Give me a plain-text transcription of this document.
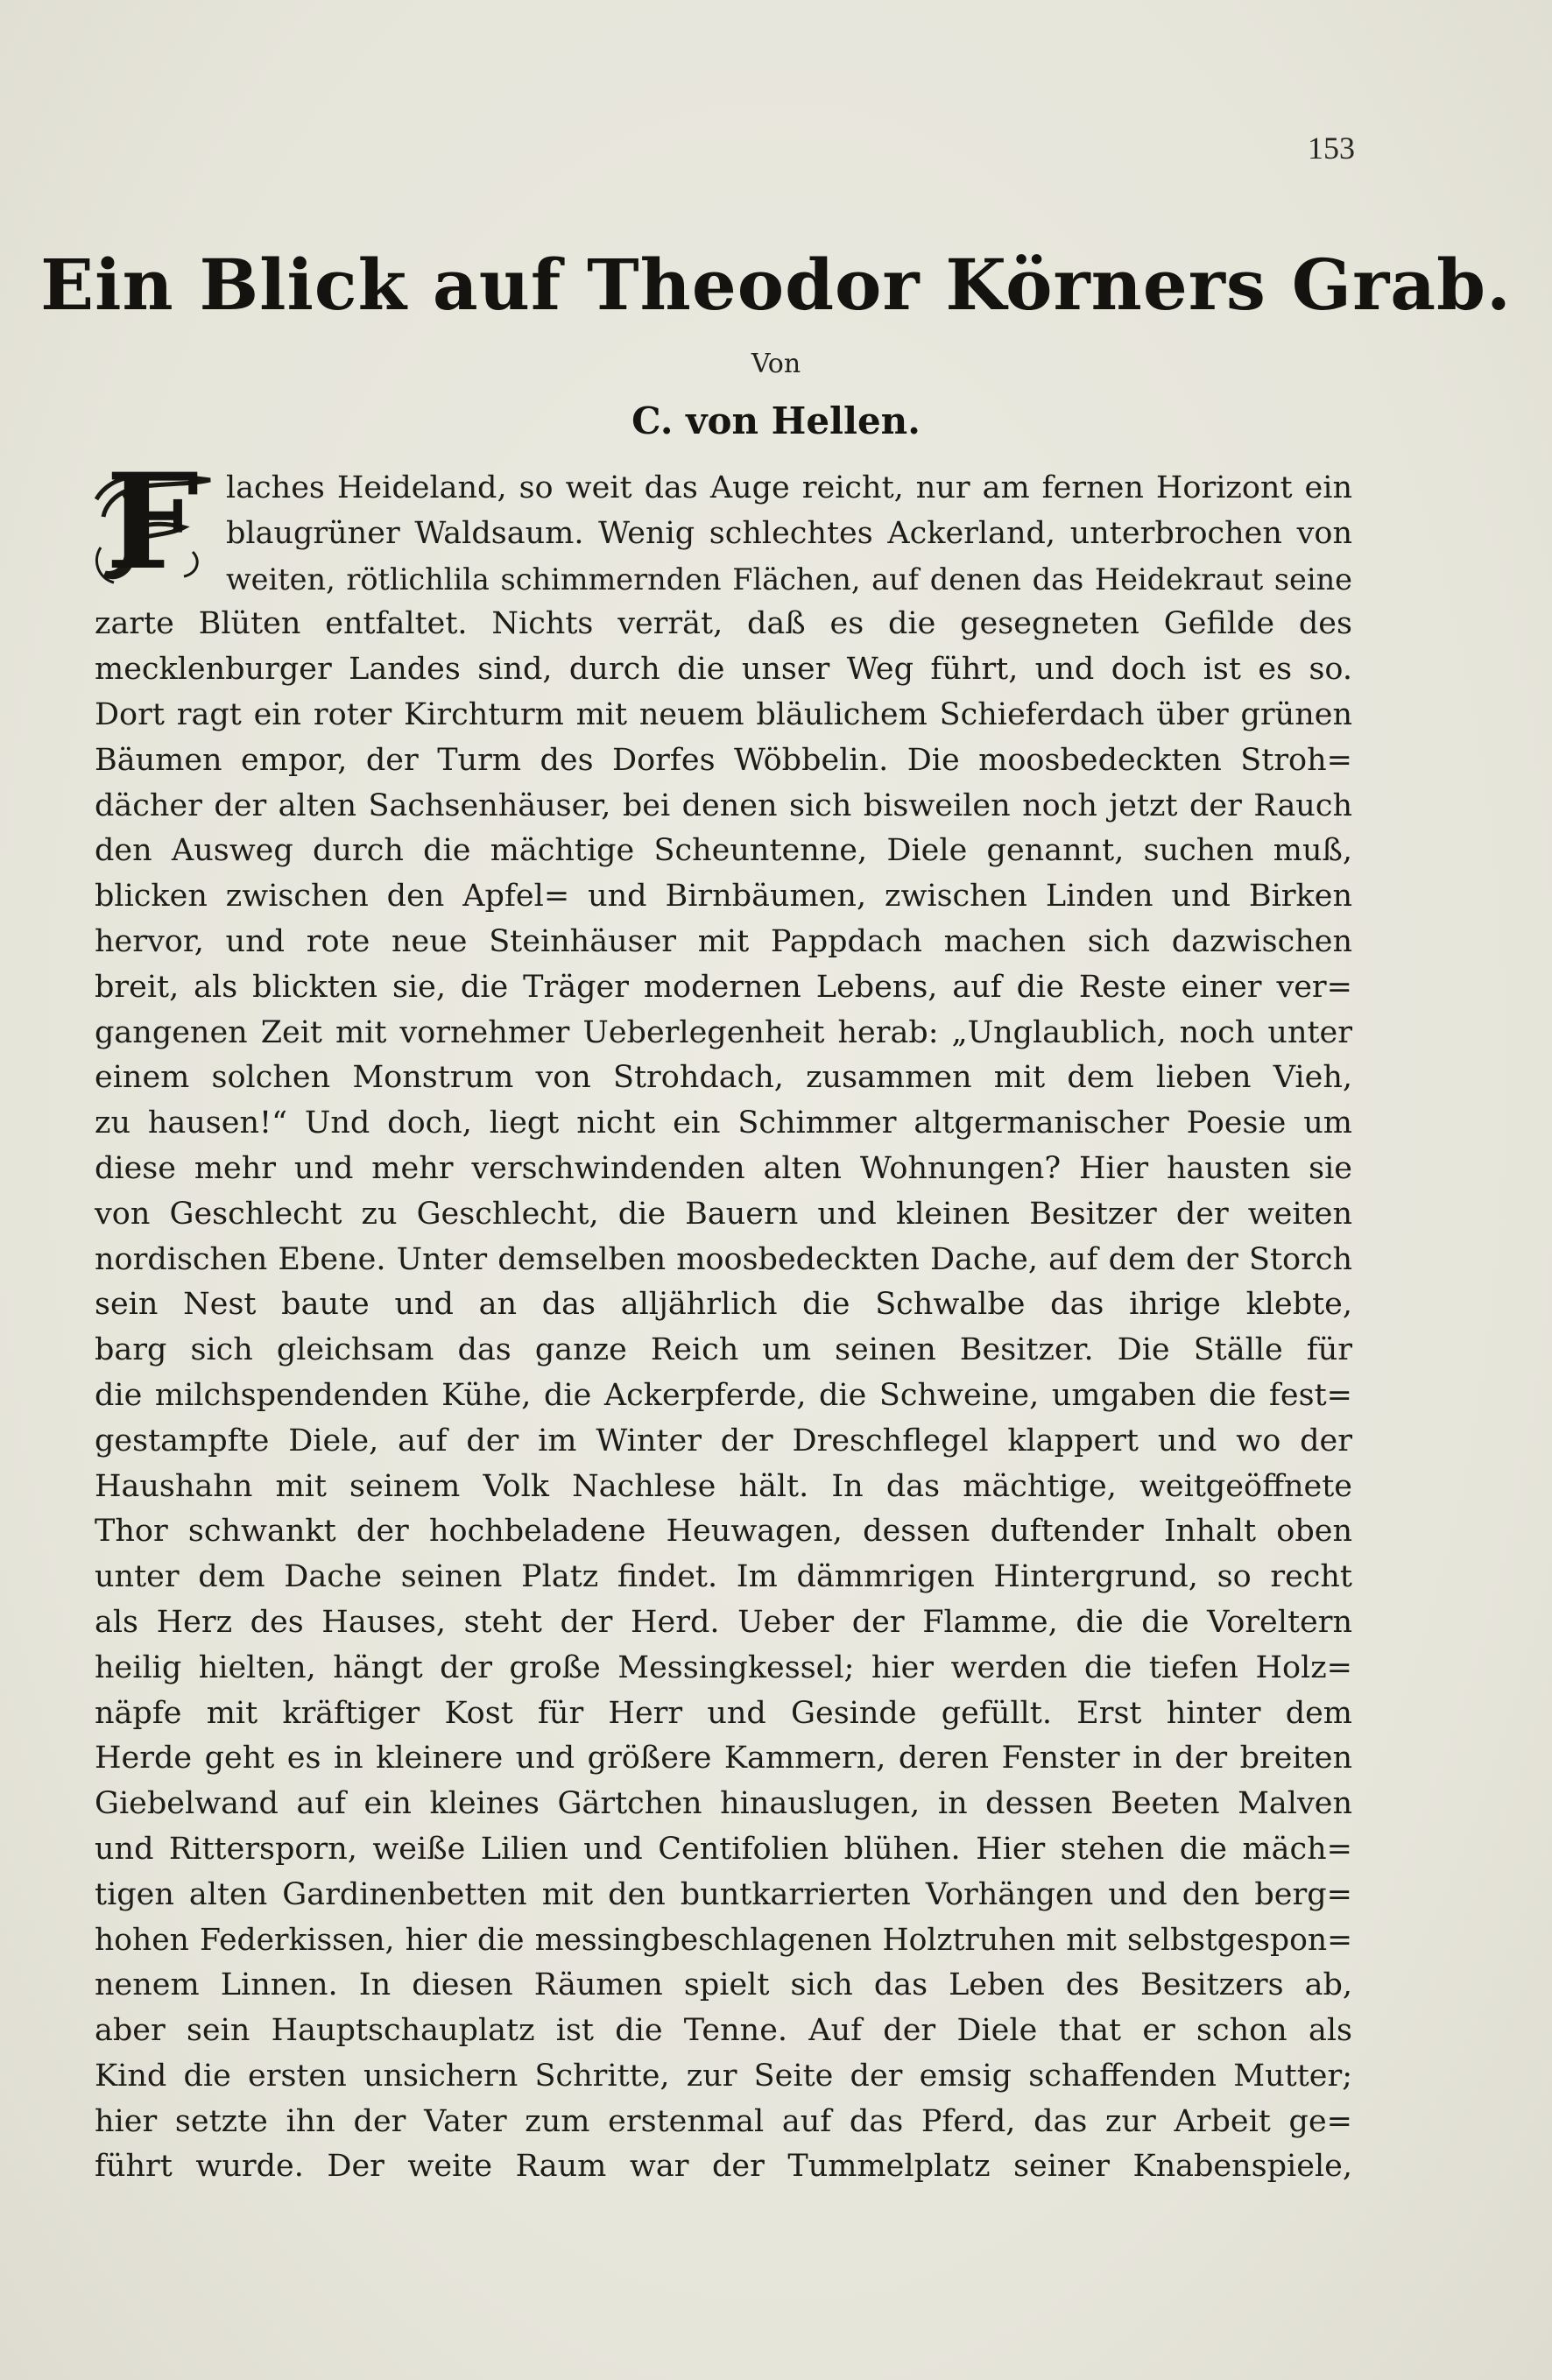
153
Ein Blick auf Theodor Körners Grab.
Von
C. von Hellen.
F laches Heideland, so weit das Auge reicht, nur am fernen Horizont ein
blaugrüner Waldsaum. Wenig schlechtes Ackerland, unterbrochen von
weiten, rötlichlila schimmernden Flächen, auf denen das Heidekraut seine
zarte Blüten entfaltet. Nichts verrät, daß es die gesegneten Gefilde des
mecklenburger Landes sind, durch die unser Weg führt, und doch ist es so.
Dort ragt ein roter Kirchturm mit neuem bläulichem Schieferdach über grünen
Bäumen empor, der Turm des Dorfes Wöbbelin. Die moosbedeckten Stroh=
dächer der alten Sachsenhäuser, bei denen sich bisweilen noch jetzt der Rauch
den Ausweg durch die mächtige Scheuntenne, Diele genannt, suchen muß,
blicken zwischen den Apfel= und Birnbäumen, zwischen Linden und Birken
hervor, und rote neue Steinhäuser mit Pappdach machen sich dazwischen
breit, als blickten sie, die Träger modernen Lebens, auf die Reste einer ver=
gangenen Zeit mit vornehmer Ueberlegenheit herab: „Unglaublich, noch unter
einem solchen Monstrum von Strohdach, zusammen mit dem lieben Vieh,
zu hausen!“ Und doch, liegt nicht ein Schimmer altgermanischer Poesie um
diese mehr und mehr verschwindenden alten Wohnungen? Hier hausten sie
von Geschlecht zu Geschlecht, die Bauern und kleinen Besitzer der weiten
nordischen Ebene. Unter demselben moosbedeckten Dache, auf dem der Storch
sein Nest baute und an das alljährlich die Schwalbe das ihrige klebte,
barg sich gleichsam das ganze Reich um seinen Besitzer. Die Ställe für
die milchspendenden Kühe, die Ackerpferde, die Schweine, umgaben die fest=
gestampfte Diele, auf der im Winter der Dreschflegel klappert und wo der
Haushahn mit seinem Volk Nachlese hält. In das mächtige, weitgeöffnete
Thor schwankt der hochbeladene Heuwagen, dessen duftender Inhalt oben
unter dem Dache seinen Platz findet. Im dämmrigen Hintergrund, so recht
als Herz des Hauses, steht der Herd. Ueber der Flamme, die die Voreltern
heilig hielten, hängt der große Messingkessel; hier werden die tiefen Holz=
näpfe mit kräftiger Kost für Herr und Gesinde gefüllt. Erst hinter dem
Herde geht es in kleinere und größere Kammern, deren Fenster in der breiten
Giebelwand auf ein kleines Gärtchen hinauslugen, in dessen Beeten Malven
und Rittersporn, weiße Lilien und Centifolien blühen. Hier stehen die mäch=
tigen alten Gardinenbetten mit den buntkarrierten Vorhängen und den berg=
hohen Federkissen, hier die messingbeschlagenen Holztruhen mit selbstgespon=
nenem Linnen. In diesen Räumen spielt sich das Leben des Besitzers ab,
aber sein Hauptschauplatz ist die Tenne. Auf der Diele that er schon als
Kind die ersten unsichern Schritte, zur Seite der emsig schaffenden Mutter;
hier setzte ihn der Vater zum erstenmal auf das Pferd, das zur Arbeit ge=
führt wurde. Der weite Raum war der Tummelplatz seiner Knabenspiele,
